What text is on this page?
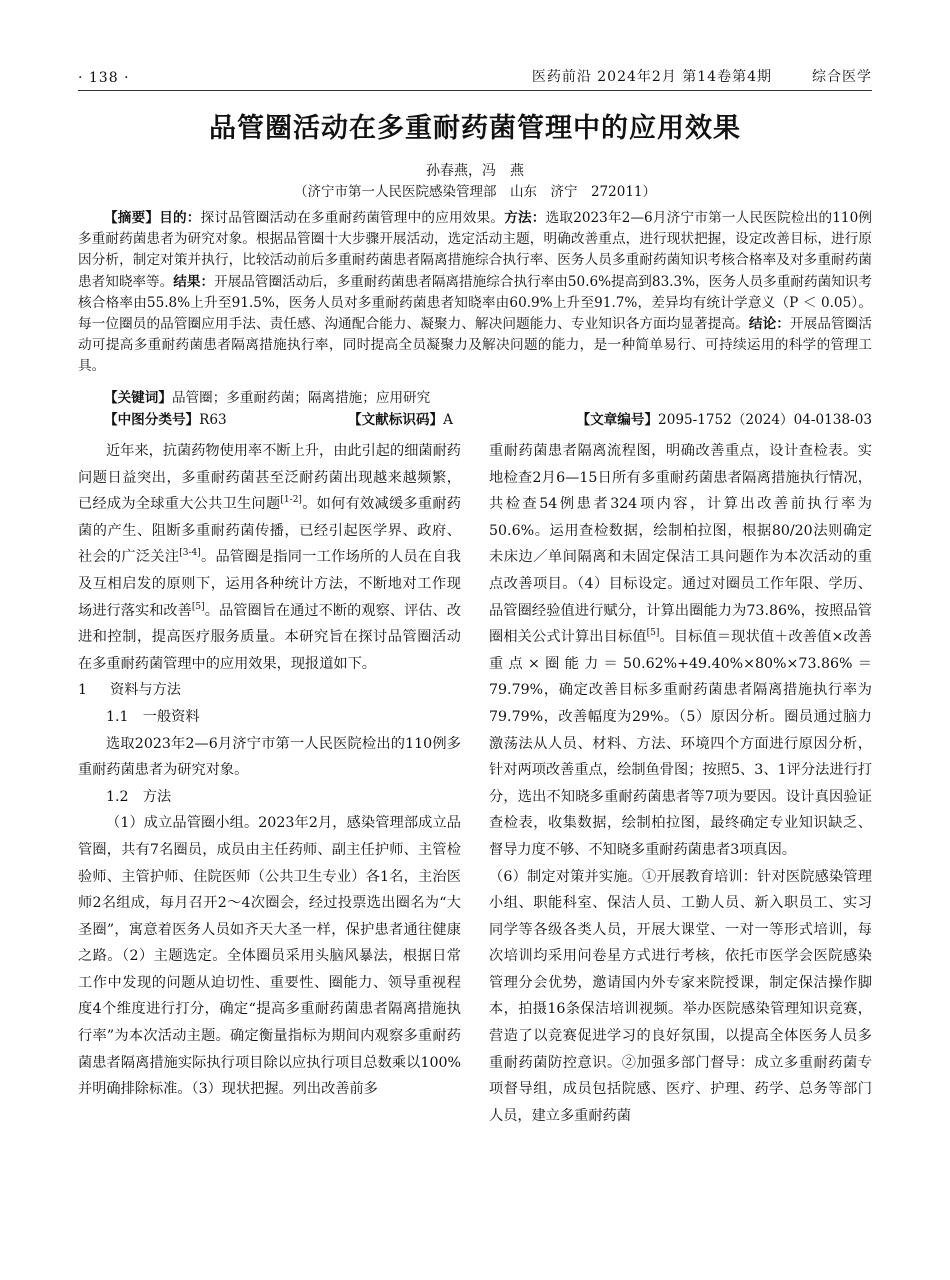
· 138 ·	医药前沿 2024年2月 第14卷第4期	综合医学
品管圈活动在多重耐药菌管理中的应用效果
孙春燕，冯　燕
（济宁市第一人民医院感染管理部　山东　济宁　272011）
【摘要】目的：探讨品管圈活动在多重耐药菌管理中的应用效果。方法：选取2023年2—6月济宁市第一人民医院检出的110例多重耐药菌患者为研究对象。根据品管圈十大步骤开展活动，选定活动主题，明确改善重点，进行现状把握，设定改善目标，进行原因分析，制定对策并执行，比较活动前后多重耐药菌患者隔离措施综合执行率、医务人员多重耐药菌知识考核合格率及对多重耐药菌患者知晓率等。结果：开展品管圈活动后，多重耐药菌患者隔离措施综合执行率由50.6%提高到83.3%，医务人员多重耐药菌知识考核合格率由55.8%上升至91.5%，医务人员对多重耐药菌患者知晓率由60.9%上升至91.7%，差异均有统计学意义（P ＜ 0.05）。每一位圈员的品管圈应用手法、责任感、沟通配合能力、凝聚力、解决问题能力、专业知识各方面均显著提高。结论：开展品管圈活动可提高多重耐药菌患者隔离措施执行率，同时提高全员凝聚力及解决问题的能力，是一种简单易行、可持续运用的科学的管理工具。
【关键词】品管圈；多重耐药菌；隔离措施；应用研究
【中图分类号】R63	【文献标识码】A	【文章编号】2095-1752（2024）04-0138-03

近年来，抗菌药物使用率不断上升，由此引起的细菌耐药问题日益突出，多重耐药菌甚至泛耐药菌出现越来越频繁，已经成为全球重大公共卫生问题[1-2]。如何有效减缓多重耐药菌的产生、阻断多重耐药菌传播，已经引起医学界、政府、社会的广泛关注[3-4]。品管圈是指同一工作场所的人员在自我及互相启发的原则下，运用各种统计方法，不断地对工作现场进行落实和改善[5]。品管圈旨在通过不断的观察、评估、改进和控制，提高医疗服务质量。本研究旨在探讨品管圈活动在多重耐药菌管理中的应用效果，现报道如下。

1 资料与方法

1.1　一般资料

选取2023年2—6月济宁市第一人民医院检出的110例多重耐药菌患者为研究对象。

1.2　方法

（1）成立品管圈小组。2023年2月，感染管理部成立品管圈，共有7名圈员，成员由主任药师、副主任护师、主管检验师、主管护师、住院医师（公共卫生专业）各1名，主治医师2名组成，每月召开2～4次圈会，经过投票选出圈名为“大圣圈”，寓意着医务人员如齐天大圣一样，保护患者通往健康之路。（2）主题选定。全体圈员采用头脑风暴法，根据日常工作中发现的问题从迫切性、重要性、圈能力、领导重视程度4个维度进行打分，确定“提高多重耐药菌患者隔离措施执行率”为本次活动主题。确定衡量指标为期间内观察多重耐药菌患者隔离措施实际执行项目除以应执行项目总数乘以100%并明确排除标准。（3）现状把握。列出改善前多

重耐药菌患者隔离流程图，明确改善重点，设计查检表。实地检查2月6—15日所有多重耐药菌患者隔离措施执行情况，共检查54例患者324项内容，计算出改善前执行率为50.6%。运用查检数据，绘制柏拉图，根据80/20法则确定未床边／单间隔离和未固定保洁工具问题作为本次活动的重点改善项目。（4）目标设定。通过对圈员工作年限、学历、品管圈经验值进行赋分，计算出圈能力为73.86%，按照品管圈相关公式计算出目标值[5]。目标值＝现状值＋改善值×改善重点×圈能力＝50.62%+49.40%×80%×73.86%＝79.79%，确定改善目标多重耐药菌患者隔离措施执行率为79.79%，改善幅度为29%。（5）原因分析。圈员通过脑力激荡法从人员、材料、方法、环境四个方面进行原因分析，针对两项改善重点，绘制鱼骨图；按照5、3、1评分法进行打分，选出不知晓多重耐药菌患者等7项为要因。设计真因验证查检表，收集数据，绘制柏拉图，最终确定专业知识缺乏、督导力度不够、不知晓多重耐药菌患者3项真因。

（6）制定对策并实施。①开展教育培训：针对医院感染管理小组、职能科室、保洁人员、工勤人员、新入职员工、实习同学等各级各类人员，开展大课堂、一对一等形式培训，每次培训均采用问卷星方式进行考核，依托市医学会医院感染管理分会优势，邀请国内外专家来院授课，制定保洁操作脚本，拍摄16条保洁培训视频。举办医院感染管理知识竞赛，营造了以竞赛促进学习的良好氛围，以提高全体医务人员多重耐药菌防控意识。②加强多部门督导：成立多重耐药菌专项督导组，成员包括院感、医疗、护理、药学、总务等部门人员，建立多重耐药菌
